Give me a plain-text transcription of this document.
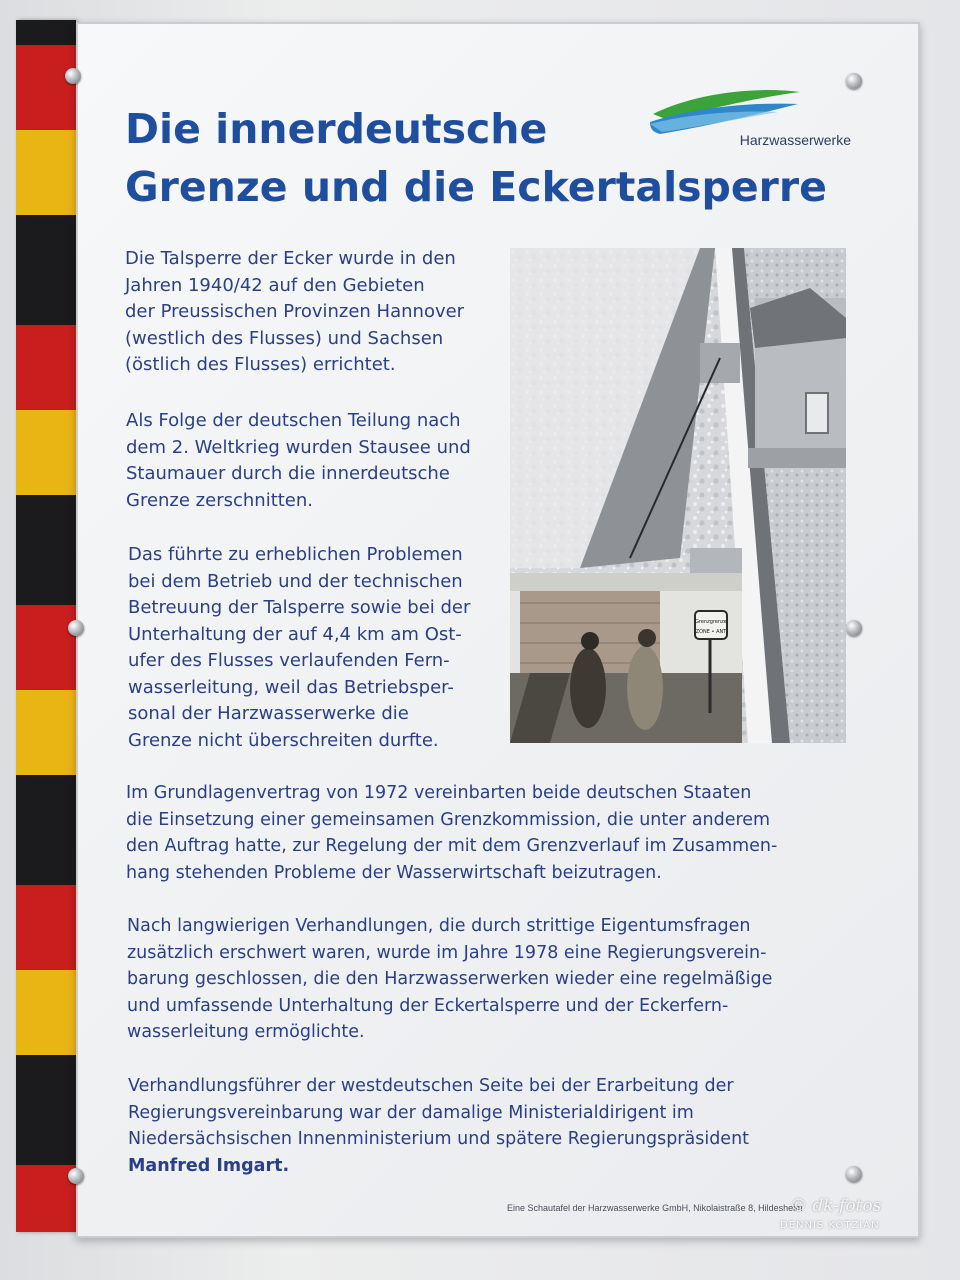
Die innerdeutsche
Grenze und die Eckertalsperre
Harzwasserwerke
Grenzgrenze
ZONE • ANT

Die Talsperre der Ecker wurde in den
Jahren 1940/42 auf den Gebieten
der Preussischen Provinzen Hannover
(westlich des Flusses) und Sachsen
(östlich des Flusses) errichtet.

Als Folge der deutschen Teilung nach
dem 2. Weltkrieg wurden Stausee und
Staumauer durch die innerdeutsche
Grenze zerschnitten.

Das führte zu erheblichen Problemen
bei dem Betrieb und der technischen
Betreuung der Talsperre sowie bei der
Unterhaltung der auf 4,4 km am Ost-
ufer des Flusses verlaufenden Fern-
wasserleitung, weil das Betriebsper-
sonal der Harzwasserwerke die
Grenze nicht überschreiten durfte.

Im Grundlagenvertrag von 1972 vereinbarten beide deutschen Staaten
die Einsetzung einer gemeinsamen Grenzkommission, die unter anderem
den Auftrag hatte, zur Regelung der mit dem Grenzverlauf im Zusammen-
hang stehenden Probleme der Wasserwirtschaft beizutragen.

Nach langwierigen Verhandlungen, die durch strittige Eigentumsfragen
zusätzlich erschwert waren, wurde im Jahre 1978 eine Regierungsverein-
barung geschlossen, die den Harzwasserwerken wieder eine regelmäßige
und umfassende Unterhaltung der Eckertalsperre und der Eckerfern-
wasserleitung ermöglichte.

Verhandlungsführer der westdeutschen Seite bei der Erarbeitung der
Regierungsvereinbarung war der damalige Ministerialdirigent im
Niedersächsischen Innenministerium und spätere Regierungspräsident
Manfred Imgart.

Eine Schautafel der Harzwasserwerke GmbH, Nikolaistraße 8, Hildesheim
© dk-fotos
DENNIS KOTZIAN
